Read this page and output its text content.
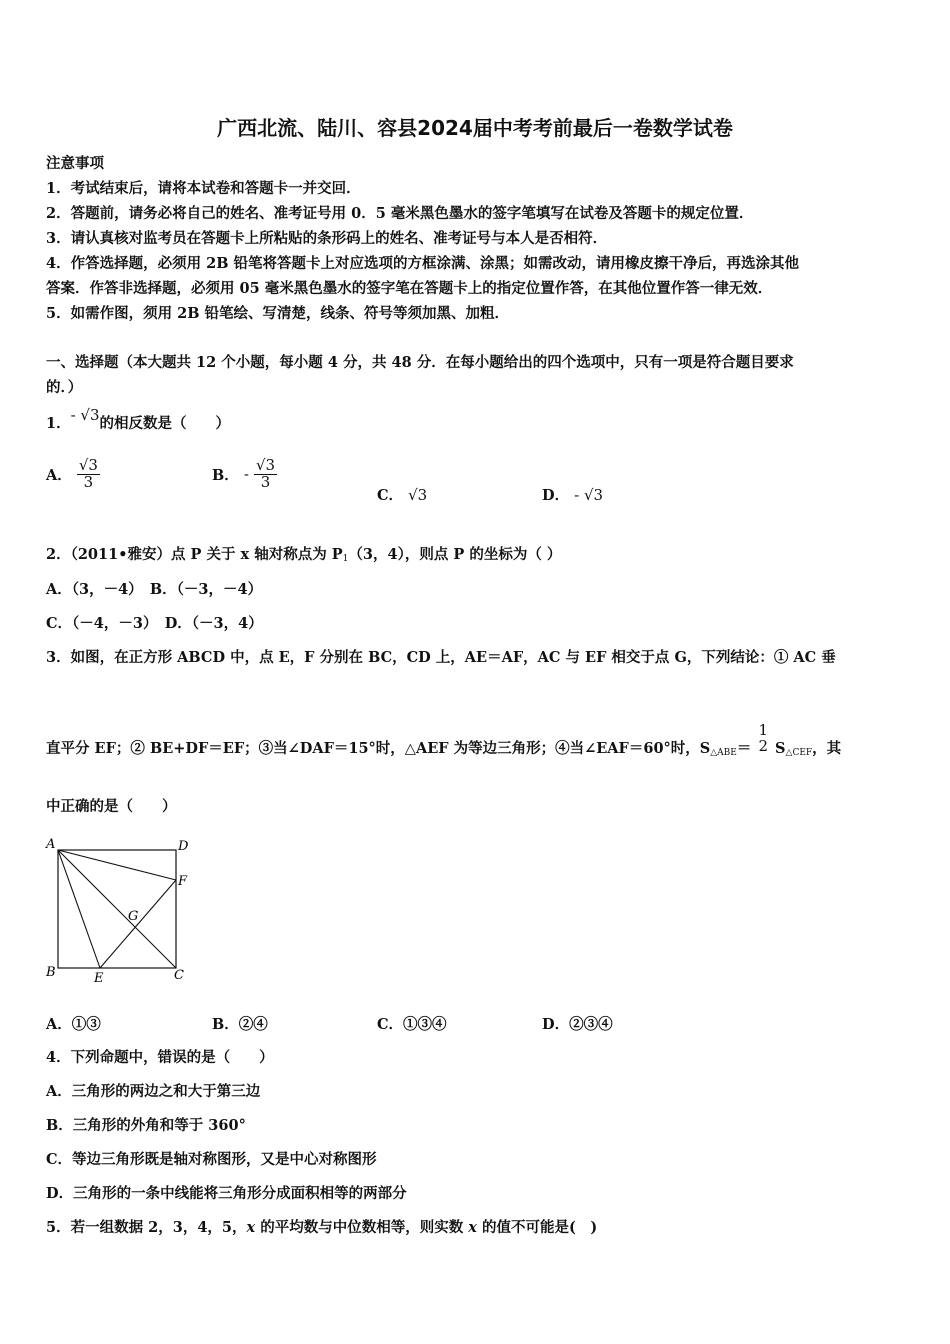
广西北流、陆川、容县2024届中考考前最后一卷数学试卷
注意事项
1．考试结束后，请将本试卷和答题卡一并交回．
2．答题前，请务必将自己的姓名、准考证号用 0．5 毫米黑色墨水的签字笔填写在试卷及答题卡的规定位置．
3．请认真核对监考员在答题卡上所粘贴的条形码上的姓名、准考证号与本人是否相符．
4．作答选择题，必须用 2B 铅笔将答题卡上对应选项的方框涂满、涂黑；如需改动，请用橡皮擦干净后，再选涂其他
答案．作答非选择题，必须用 05 毫米黑色墨水的签字笔在答题卡上的指定位置作答，在其他位置作答一律无效．
5．如需作图，须用 2B 铅笔绘、写清楚，线条、符号等须加黑、加粗．
一、选择题（本大题共 12 个小题，每小题 4 分，共 48 分．在每小题给出的四个选项中，只有一项是符合题目要求
的．）
1．- √3的相反数是（　　）
A． $\frac{√3}{3}$	B． - $\frac{√3}{3}$
C． √3	D． - √3
2．（2011•雅安）点 P 关于 x 轴对称点为 $P_1(3$，4），则点 P 的坐标为（ ）
A．（3，－4）　B．（－3，－4）
C．（－4，－3）　D．（－3，4）
3．如图，在正方形 ABCD 中，点 E，F 分别在 BC，CD 上，AE＝AF，AC 与 EF 相交于点 G，下列结论：① AC 垂
直平分 EF；② BE+DF＝EF；③当∠DAF＝15°时，△AEF 为等边三角形；④当∠EAF＝60°时，$S_{\triangle ABE}=$
1
2 $S_{\triangle CEF}$，其
中正确的是（　　）
A	D
F
G
B	E	C
A．①③	B．②④	C．①③④	D．②③④
4．下列命题中，错误的是（　　）
A．三角形的两边之和大于第三边
B．三角形的外角和等于 360°
C．等边三角形既是轴对称图形，又是中心对称图形
D．三角形的一条中线能将三角形分成面积相等的两部分
5．若一组数据 2，3，4，5，x 的平均数与中位数相等，则实数 x 的值不可能是(　)
